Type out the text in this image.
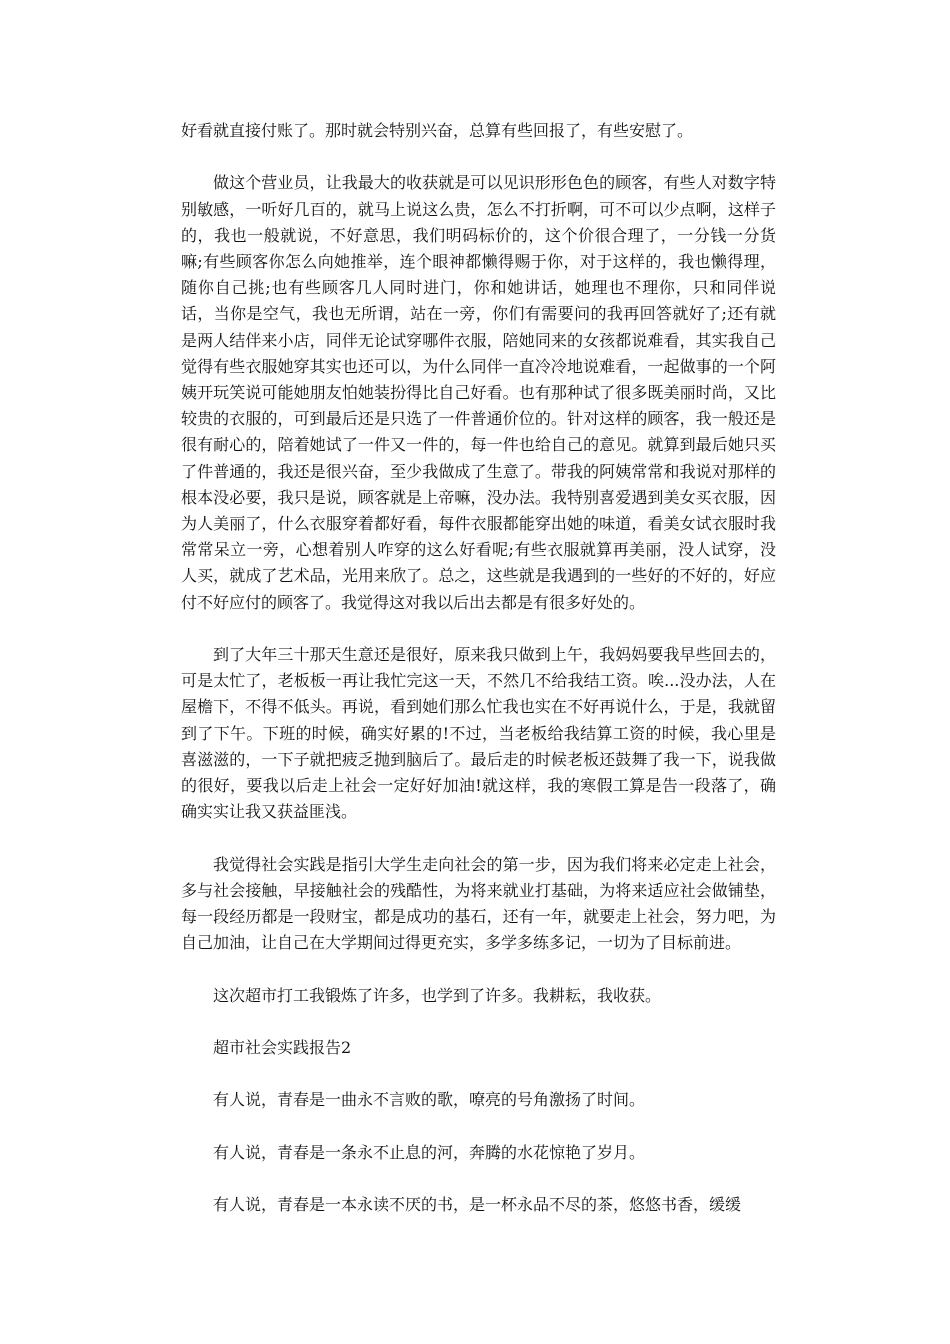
好看就直接付账了。那时就会特别兴奋，总算有些回报了，有些安慰了。

做这个营业员，让我最大的收获就是可以见识形形色色的顾客，有些人对数字特别敏感，一听好几百的，就马上说这么贵，怎么不打折啊，可不可以少点啊，这样子的，我也一般就说，不好意思，我们明码标价的，这个价很合理了，一分钱一分货嘛;有些顾客你怎么向她推举，连个眼神都懒得赐于你，对于这样的，我也懒得理，随你自己挑;也有些顾客几人同时进门，你和她讲话，她理也不理你，只和同伴说话，当你是空气，我也无所谓，站在一旁，你们有需要问的我再回答就好了;还有就是两人结伴来小店，同伴无论试穿哪件衣服，陪她同来的女孩都说难看，其实我自己觉得有些衣服她穿其实也还可以，为什么同伴一直冷冷地说难看，一起做事的一个阿姨开玩笑说可能她朋友怕她装扮得比自己好看。也有那种试了很多既美丽时尚，又比较贵的衣服的，可到最后还是只选了一件普通价位的。针对这样的顾客，我一般还是很有耐心的，陪着她试了一件又一件的，每一件也给自己的意见。就算到最后她只买了件普通的，我还是很兴奋，至少我做成了生意了。带我的阿姨常常和我说对那样的根本没必要，我只是说，顾客就是上帝嘛，没办法。我特别喜爱遇到美女买衣服，因为人美丽了，什么衣服穿着都好看，每件衣服都能穿出她的味道，看美女试衣服时我常常呆立一旁，心想着别人咋穿的这么好看呢;有些衣服就算再美丽，没人试穿，没人买，就成了艺术品，光用来欣了。总之，这些就是我遇到的一些好的不好的，好应付不好应付的顾客了。我觉得这对我以后出去都是有很多好处的。

到了大年三十那天生意还是很好，原来我只做到上午，我妈妈要我早些回去的，可是太忙了，老板板一再让我忙完这一天，不然几不给我结工资。唉...没办法，人在屋檐下，不得不低头。再说，看到她们那么忙我也实在不好再说什么，于是，我就留到了下午。下班的时候，确实好累的!不过，当老板给我结算工资的时候，我心里是喜滋滋的，一下子就把疲乏抛到脑后了。最后走的时候老板还鼓舞了我一下，说我做的很好，要我以后走上社会一定好好加油!就这样，我的寒假工算是告一段落了，确确实实让我又获益匪浅。

我觉得社会实践是指引大学生走向社会的第一步，因为我们将来必定走上社会，多与社会接触，早接触社会的残酷性，为将来就业打基础，为将来适应社会做铺垫，每一段经历都是一段财宝，都是成功的基石，还有一年，就要走上社会，努力吧，为自己加油，让自己在大学期间过得更充实，多学多练多记，一切为了目标前进。

这次超市打工我锻炼了许多，也学到了许多。我耕耘，我收获。

超市社会实践报告2

有人说，青春是一曲永不言败的歌，嘹亮的号角激扬了时间。

有人说，青春是一条永不止息的河，奔腾的水花惊艳了岁月。

有人说，青春是一本永读不厌的书，是一杯永品不尽的茶，悠悠书香，缓缓
